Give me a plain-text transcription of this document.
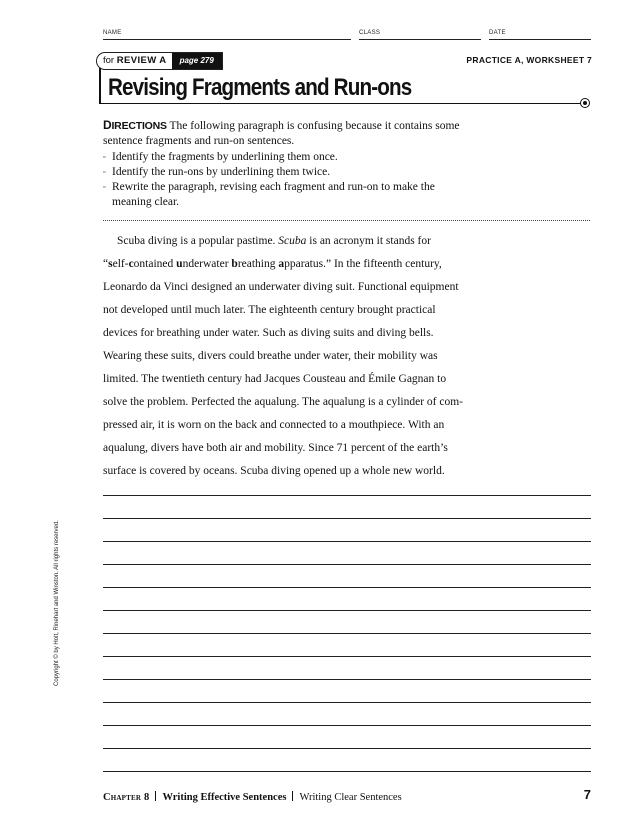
NAME	CLASS	DATE
for REVIEW A	page 279	PRACTICE A, WORKSHEET 7
Revising Fragments and Run-ons
DIRECTIONS The following paragraph is confusing because it contains some
sentence fragments and run-on sentences.
▫ Identify the fragments by underlining them once.
▫ Identify the run-ons by underlining them twice.
▫ Rewrite the paragraph, revising each fragment and run-on to make the
meaning clear.
Scuba diving is a popular pastime. Scuba is an acronym it stands for
“self-contained underwater breathing apparatus.” In the fifteenth century,
Leonardo da Vinci designed an underwater diving suit. Functional equipment
not developed until much later. The eighteenth century brought practical
devices for breathing under water. Such as diving suits and diving bells.
Wearing these suits, divers could breathe under water, their mobility was
limited. The twentieth century had Jacques Cousteau and Émile Gagnan to
solve the problem. Perfected the aqualung. The aqualung is a cylinder of com-
pressed air, it is worn on the back and connected to a mouthpiece. With an
aqualung, divers have both air and mobility. Since 71 percent of the earth’s
surface is covered by oceans. Scuba diving opened up a whole new world.
Copyright © by Holt, Rinehart and Winston. All rights reserved.
Chapter 8 Writing Effective Sentences Writing Clear Sentences	7
